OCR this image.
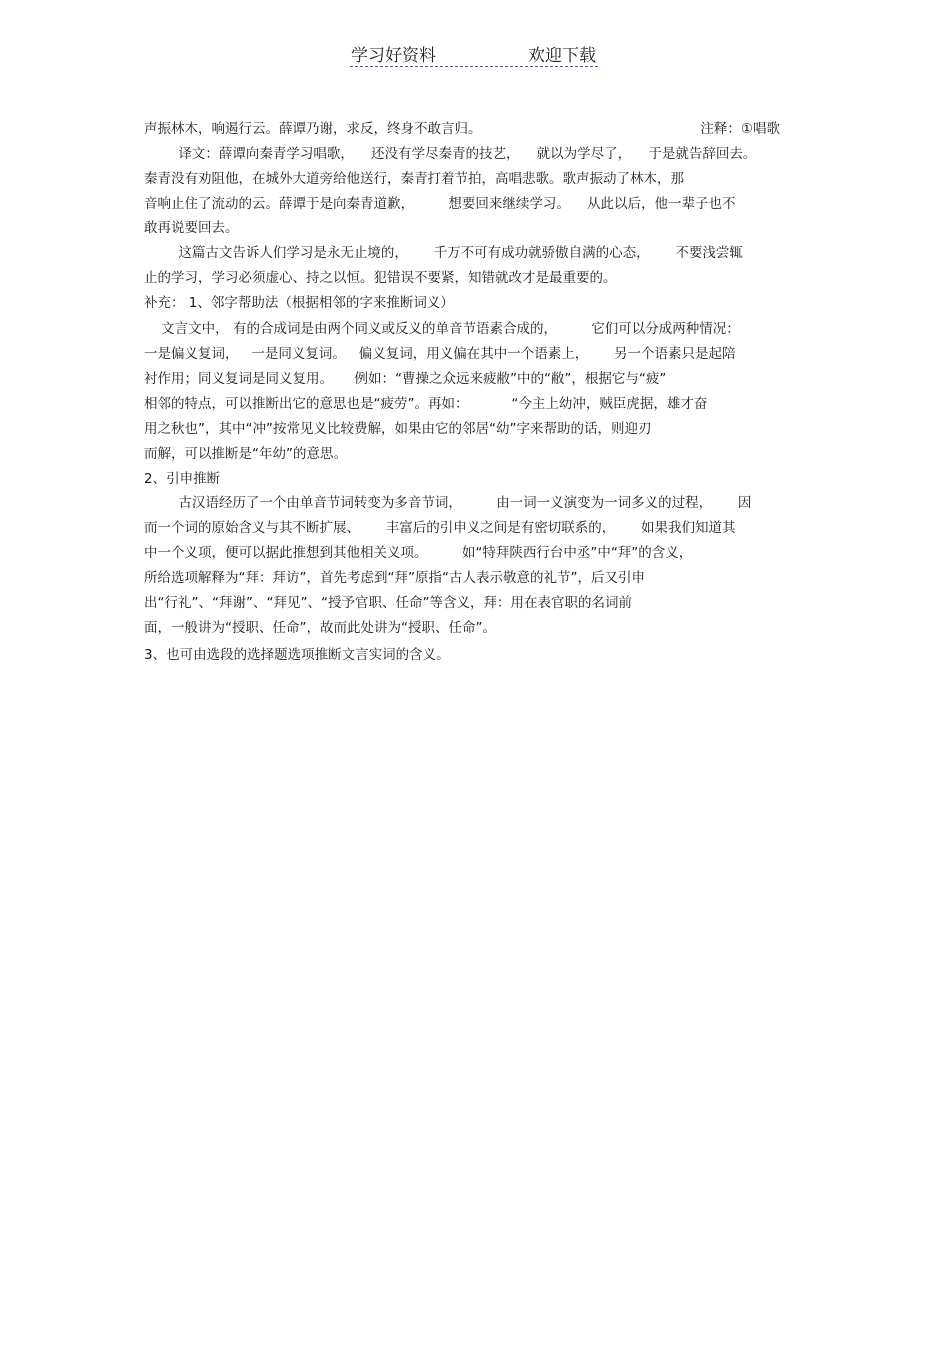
学习好资料	欢迎下载
声振林木，响遏行云。薛谭乃谢，求反，终身不敢言归。                                                   注释：①唱歌
译文：薛谭向秦青学习唱歌，    还没有学尽秦青的技艺，    就以为学尽了，    于是就告辞回去。
秦青没有劝阻他，在城外大道旁给他送行，秦青打着节拍，高唱悲歌。歌声振动了林木，那
音响止住了流动的云。薛谭于是向秦青道歉，        想要回来继续学习。    从此以后，他一辈子也不
敢再说要回去。
这篇古文告诉人们学习是永无止境的，      千万不可有成功就骄傲自满的心态，      不要浅尝辄
止的学习，学习必须虚心、持之以恒。犯错误不要紧，知错就改才是最重要的。
补充： 1、邻字帮助法（根据相邻的字来推断词义）
文言文中， 有的合成词是由两个同义或反义的单音节语素合成的，        它们可以分成两种情况：
一是偏义复词，   一是同义复词。   偏义复词，用义偏在其中一个语素上，      另一个语素只是起陪
衬作用；同义复词是同义复用。     例如：“曹操之众远来疲敝”中的“敝”，根据它与“疲”
相邻的特点，可以推断出它的意思也是“疲劳”。再如：          “今主上幼冲，贼臣虎据，雄才奋
用之秋也”，其中“冲”按常见义比较费解，如果由它的邻居“幼”字来帮助的话，则迎刃
而解，可以推断是“年幼”的意思。
2、引申推断
古汉语经历了一个由单音节词转变为多音节词，        由一词一义演变为一词多义的过程，      因
而一个词的原始含义与其不断扩展、      丰富后的引申义之间是有密切联系的，      如果我们知道其
中一个义项，便可以据此推想到其他相关义项。        如“特拜陕西行台中丞”中“拜”的含义，
所给选项解释为“拜：拜访”，首先考虑到“拜”原指“古人表示敬意的礼节”，后又引申
出“行礼”、“拜谢”、“拜见”、“授予官职、任命”等含义，拜：用在表官职的名词前
面，一般讲为“授职、任命”，故而此处讲为“授职、任命”。
3、也可由选段的选择题选项推断文言实词的含义。
